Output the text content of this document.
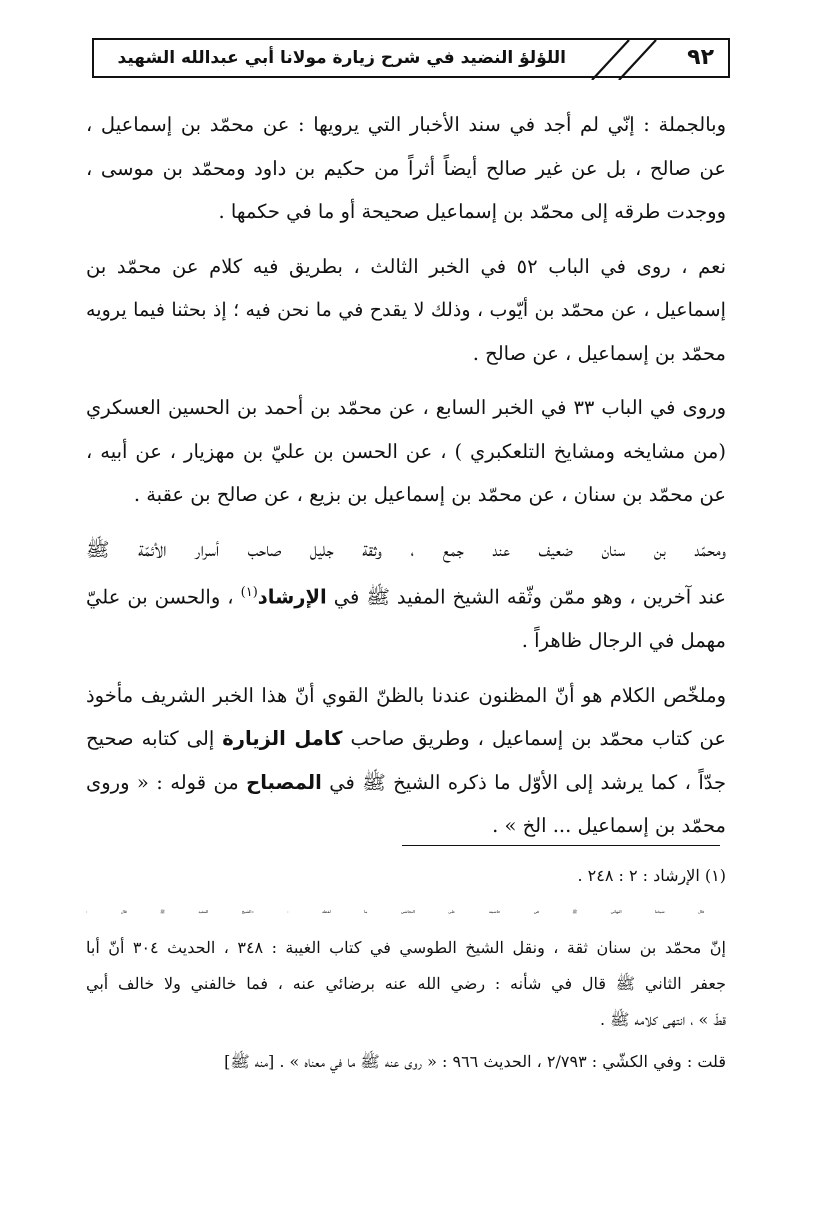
٩٢
اللؤلؤ النضيد في شرح زيارة مولانا أبي عبدالله الشهيد

وبالجملة : إنّي لم أجد في سند الأخبار التي يرويها : عن محمّد بن إسماعيل ،
عن صالح ، بل عن غير صالح أيضاً أثراً من حكيم بن داود ومحمّد بن موسى ،
ووجدت طرقه إلى محمّد بن إسماعيل صحيحة أو ما في حكمها .

نعم ، روى في الباب ٥٢ في الخبر الثالث ، بطريق فيه كلام عن محمّد بن
إسماعيل ، عن محمّد بن أيّوب ، وذلك لا يقدح في ما نحن فيه ؛ إذ بحثنا فيما يرويه
محمّد بن إسماعيل ، عن صالح .

وروى في الباب ٣٣ في الخبر السابع ، عن محمّد بن أحمد بن الحسين العسكري
(من مشايخه ومشايخ التلعكبري ) ، عن الحسن بن عليّ بن مهزيار ، عن أبيه ،
عن محمّد بن سنان ، عن محمّد بن إسماعيل بن بزيع ، عن صالح بن عقبة .

ومحمّد بن سنان ضعيف عند جمع ، وثقة جليل صاحب أسرار الأئمّة ﷺ
عند آخرين ، وهو ممّن وثّقه الشيخ المفيد ﷺ في الإرشاد$^{(١)}$ ، والحسن بن عليّ
مهمل في الرجال ظاهراً .

وملخّص الكلام هو أنّ المظنون عندنا بالظنّ القوي أنّ هذا الخبر الشريف مأخوذ
عن كتاب محمّد بن إسماعيل ، وطريق صاحب كامل الزيارة إلى كتابه صحيح
جدّاً ، كما يرشد إلى الأوّل ما ذكره الشيخ ﷺ في المصباح من قوله : « وروى
محمّد بن إسماعيل ... الخ » .

(١) الإرشاد : ٢ : ٢٤٨ .
قال شيخنا البهائي ﷺ في حاشيته على النجاشي ما لفظه : «الشيخ المفيد ﷺ قال :
إنّ محمّد بن سنان ثقة ، ونقل الشيخ الطوسي في كتاب الغيبة : ٣٤٨ ، الحديث ٣٠٤ أنّ أبا
جعفر الثاني ﷺ قال في شأنه : رضي الله عنه برضائي عنه ، فما خالفني ولا خالف أبي
قطّ » ، انتهى كلامه ﷺ .
قلت : وفي الكشّي : ٢/٧٩٣ ، الحديث ٩٦٦ : « روى عنه ﷺ ما في معناه » . [منه ﷺ]
